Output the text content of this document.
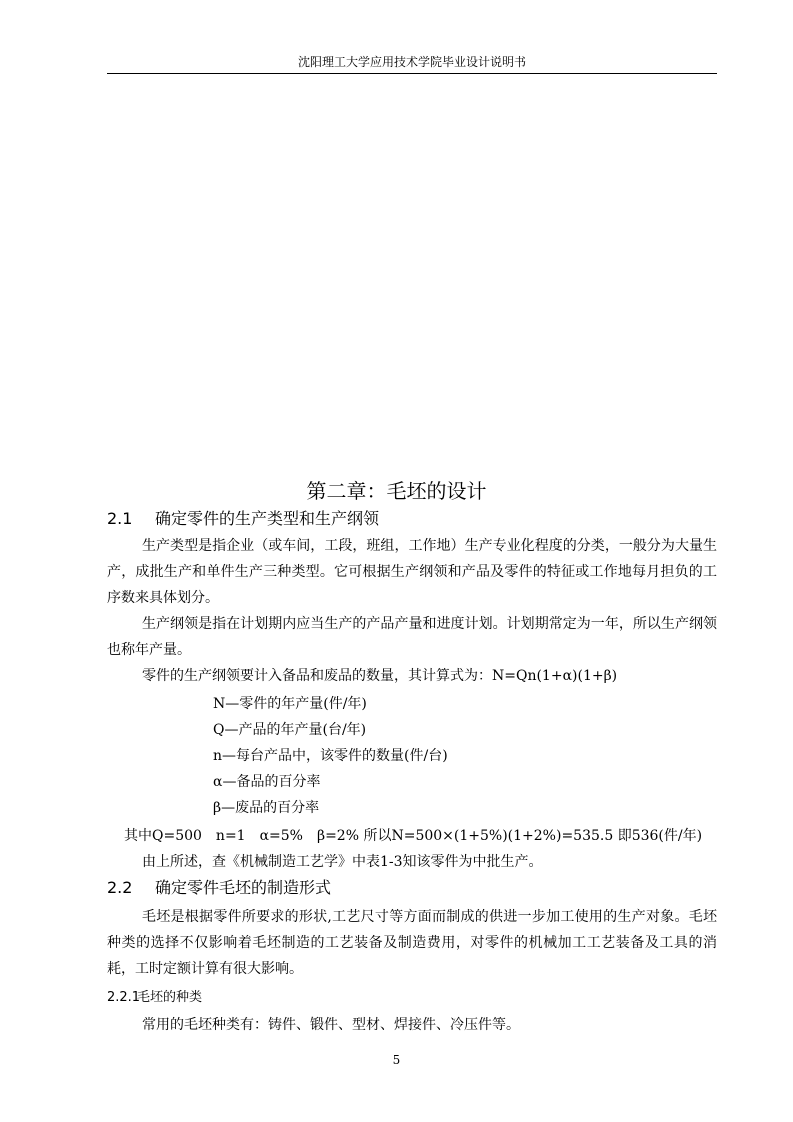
沈阳理工大学应用技术学院毕业设计说明书
第二章：毛坯的设计
2.1 确定零件的生产类型和生产纲领
生产类型是指企业（或车间，工段，班组，工作地）生产专业化程度的分类，一般分为大量生产，成批生产和单件生产三种类型。它可根据生产纲领和产品及零件的特征或工作地每月担负的工序数来具体划分。
生产纲领是指在计划期内应当生产的产品产量和进度计划。计划期常定为一年，所以生产纲领也称年产量。
零件的生产纲领要计入备品和废品的数量，其计算式为：N=Qn(1+α)(1+β)
N—零件的年产量(件/年)
Q—产品的年产量(台/年)
n—每台产品中，该零件的数量(件/台)
α—备品的百分率
β—废品的百分率
其中Q=500　n=1　α=5%　β=2% 所以N=500×(1+5%)(1+2%)=535.5 即536(件/年)
由上所述，查《机械制造工艺学》中表1-3知该零件为中批生产。
2.2 确定零件毛坯的制造形式
毛坯是根据零件所要求的形状,工艺尺寸等方面而制成的供进一步加工使用的生产对象。毛坯种类的选择不仅影响着毛坯制造的工艺装备及制造费用，对零件的机械加工工艺装备及工具的消耗，工时定额计算有很大影响。
2.2.1毛坯的种类
常用的毛坯种类有：铸件、锻件、型材、焊接件、冷压件等。
5
